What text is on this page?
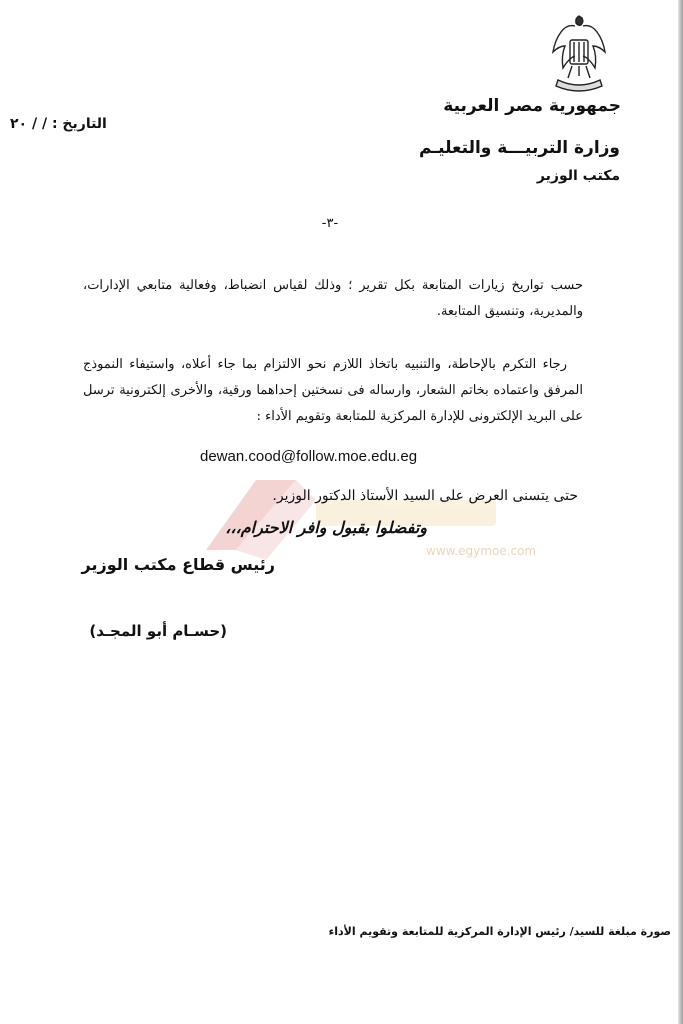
جمهورية مصر العربية
وزارة التربيـــة والتعليـم
مكتب الوزير
التاريخ : / / ٢٠
-٣-
حسب تواريخ زيارات المتابعة بكل تقرير ؛ وذلك لقياس انضباط، وفعالية متابعي الإدارات، والمديرية، وتنسيق المتابعة.
رجاء التكرم بالإحاطة، والتنبيه باتخاذ اللازم نحو الالتزام بما جاء أعلاه، واستيفاء النموذج المرفق واعتماده بخاتم الشعار، وارساله فى نسختين إحداهما ورقية، والأخرى إلكترونية ترسل على البريد الإلكترونى للإدارة المركزية للمتابعة وتقويم الأداء :
dewan.cood@follow.moe.edu.eg
www.egymoe.com
حتى يتسنى العرض على السيد الأستاذ الدكتور الوزير.
وتفضلوا بقبول وافر الاحترام،،،
رئيس قطاع مكتب الوزير
(حسـام أبو المجـد)
صورة مبلغة للسيد/ رئيس الإدارة المركزية للمتابعة وتقويم الأداء
